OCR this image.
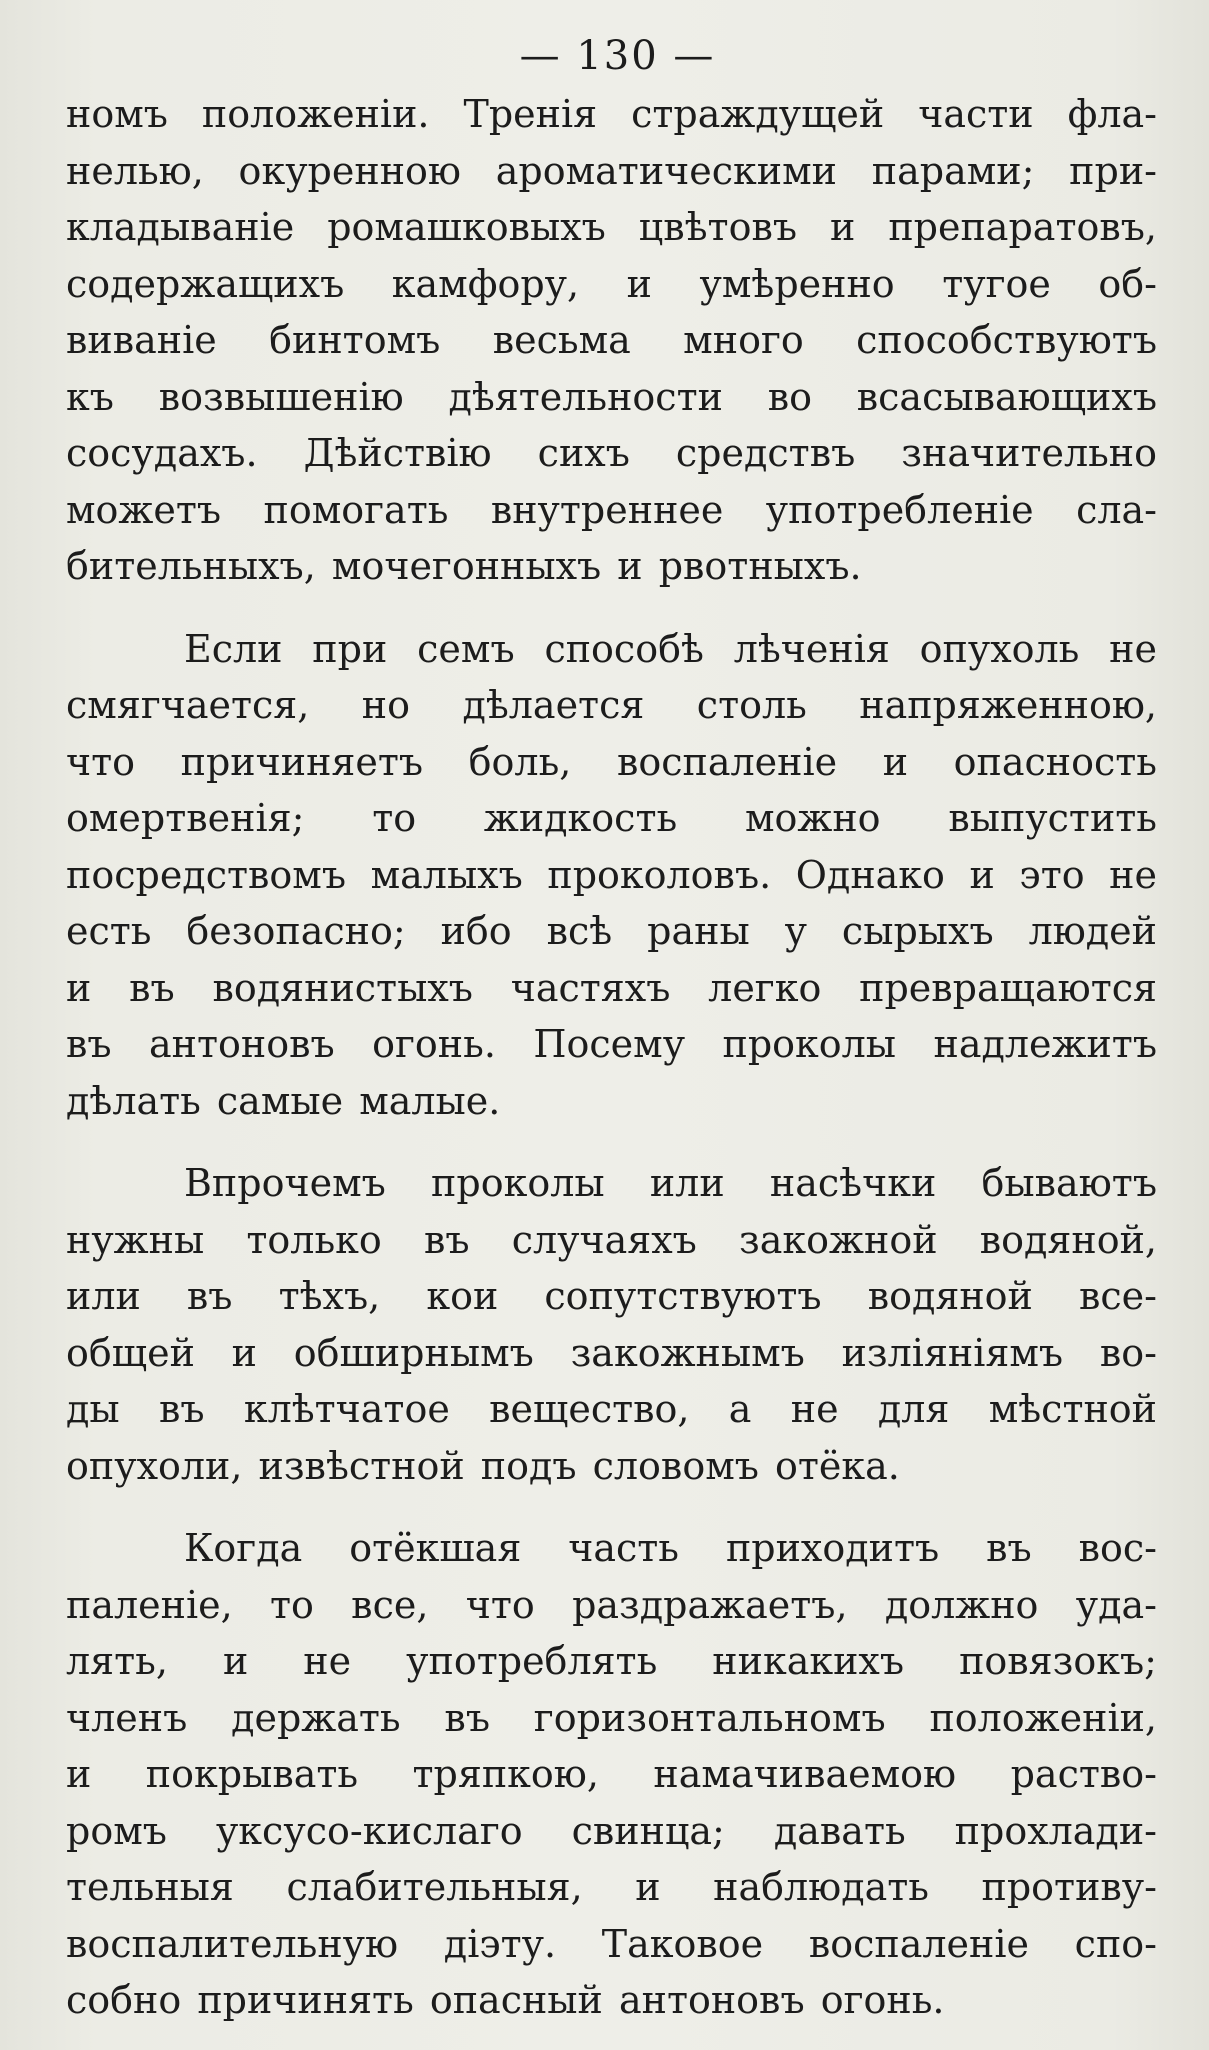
— 130 —
номъ положеніи. Тренія страждущей части фла-
нелью, окуренною ароматическими парами; при-
кладываніе ромашковыхъ цвѣтовъ и препаратовъ,
содержащихъ камфору, и умѣренно тугое об-
виваніе бинтомъ весьма много способствуютъ
къ возвышенію дѣятельности во всасывающихъ
сосудахъ. Дѣйствію сихъ средствъ значительно
можетъ помогать внутреннее употребленіе сла-
бительныхъ, мочегонныхъ и рвотныхъ.
Если при семъ способѣ лѣченія опухоль не
смягчается, но дѣлается столь напряженною,
что причиняетъ боль, воспаленіе и опасность
омертвенія; то жидкость можно выпустить
посредствомъ малыхъ проколовъ. Однако и это не
есть безопасно; ибо всѣ раны у сырыхъ людей
и въ водянистыхъ частяхъ легко превращаются
въ антоновъ огонь. Посему проколы надлежитъ
дѣлать самые малые.
Впрочемъ проколы или насѣчки бываютъ
нужны только въ случаяхъ закожной водяной,
или въ тѣхъ, кои сопутствуютъ водяной все-
общей и обширнымъ закожнымъ изліяніямъ во-
ды въ клѣтчатое вещество, а не для мѣстной
опухоли, извѣстной подъ словомъ отёка.
Когда отёкшая часть приходитъ въ вос-
паленіе, то все, что раздражаетъ, должно уда-
лять, и не употреблять никакихъ повязокъ;
членъ держать въ горизонтальномъ положеніи,
и покрывать тряпкою, намачиваемою раство-
ромъ уксусо-кислаго свинца; давать прохлади-
тельныя слабительныя, и наблюдать противу-
воспалительную діэту. Таковое воспаленіе спо-
собно причинять опасный антоновъ огонь.
